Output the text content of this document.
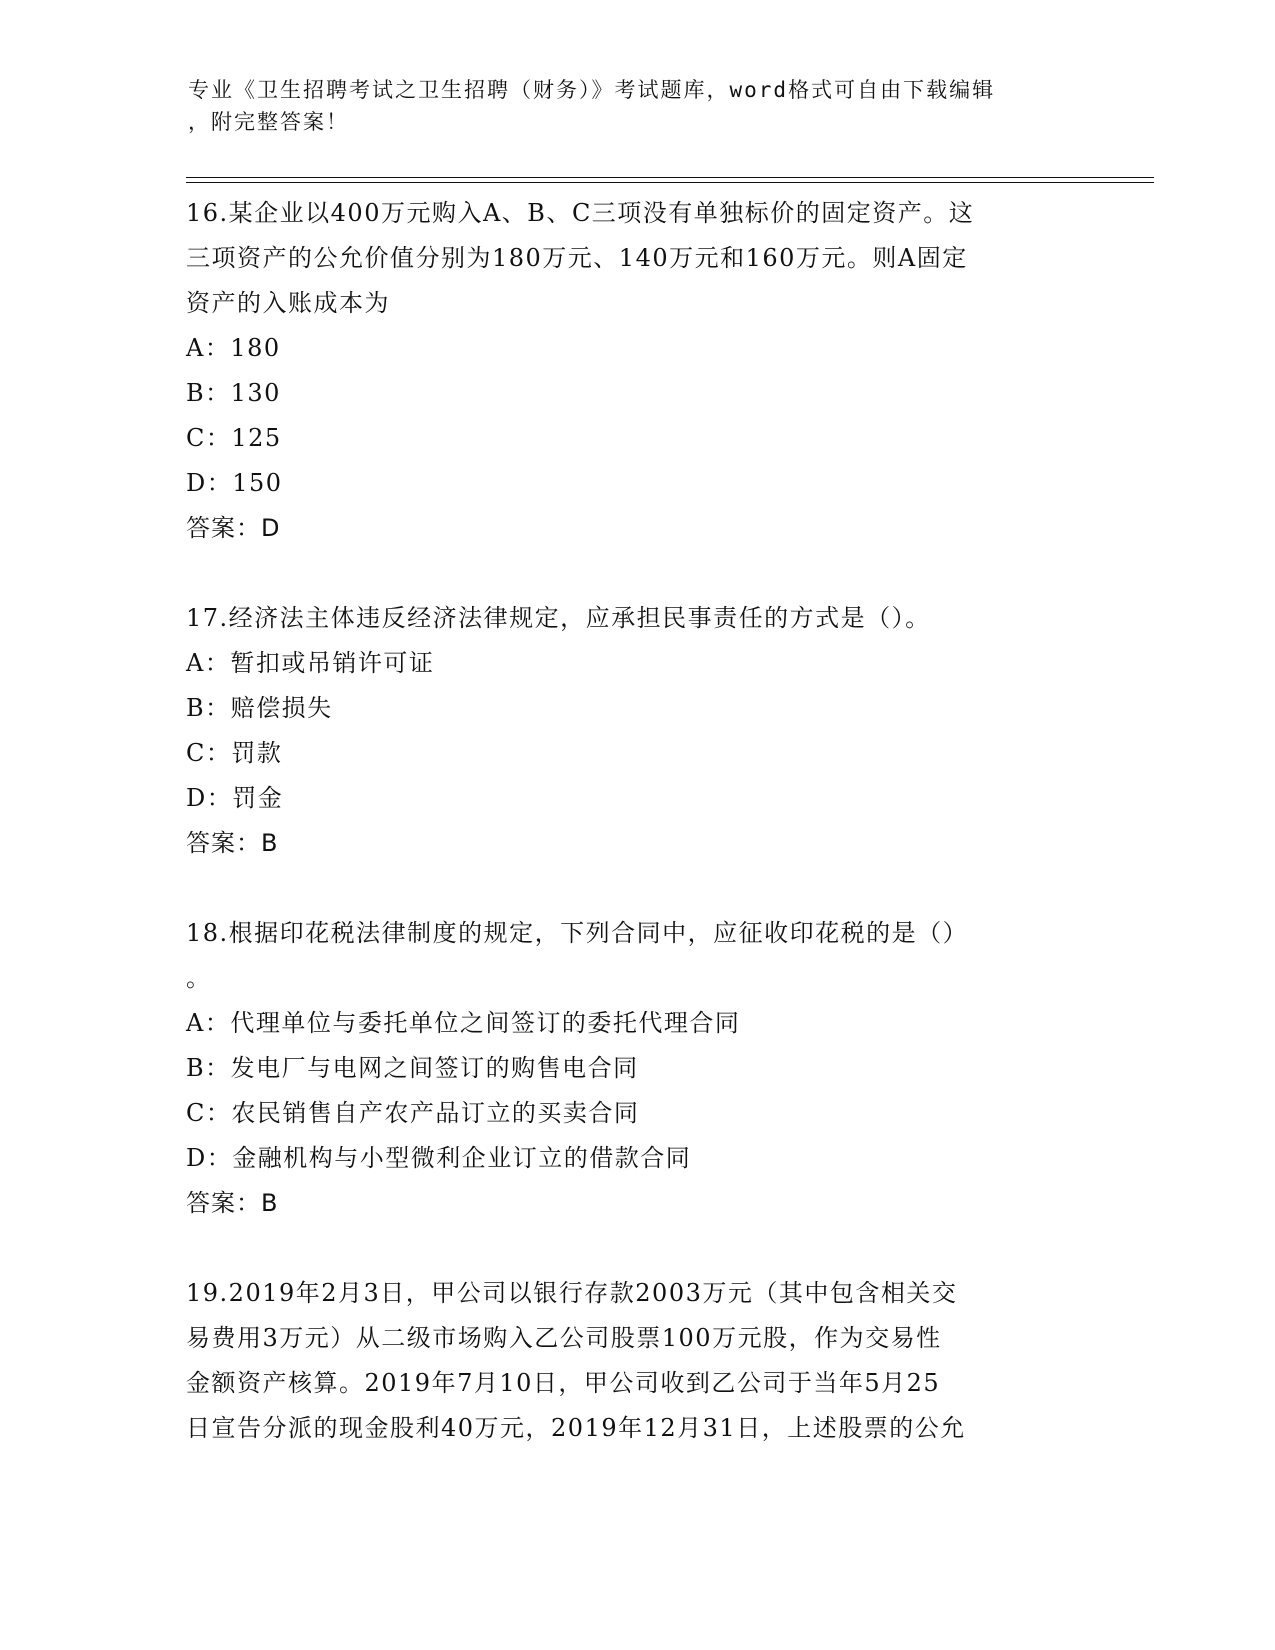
专业《卫生招聘考试之卫生招聘（财务）》考试题库，word格式可自由下载编辑
，附完整答案！

16.某企业以400万元购入A、B、C三项没有单独标价的固定资产。这
三项资产的公允价值分别为180万元、140万元和160万元。则A固定
资产的入账成本为

A：180

B：130

C：125

D：150

答案：D

17.经济法主体违反经济法律规定，应承担民事责任的方式是（）。

A：暂扣或吊销许可证

B：赔偿损失

C：罚款

D：罚金

答案：B

18.根据印花税法律制度的规定，下列合同中，应征收印花税的是（）
。

A：代理单位与委托单位之间签订的委托代理合同

B：发电厂与电网之间签订的购售电合同

C：农民销售自产农产品订立的买卖合同

D：金融机构与小型微利企业订立的借款合同

答案：B

19.2019年2月3日，甲公司以银行存款2003万元（其中包含相关交
易费用3万元）从二级市场购入乙公司股票100万元股，作为交易性
金额资产核算。2019年7月10日，甲公司收到乙公司于当年5月25
日宣告分派的现金股利40万元，2019年12月31日，上述股票的公允
